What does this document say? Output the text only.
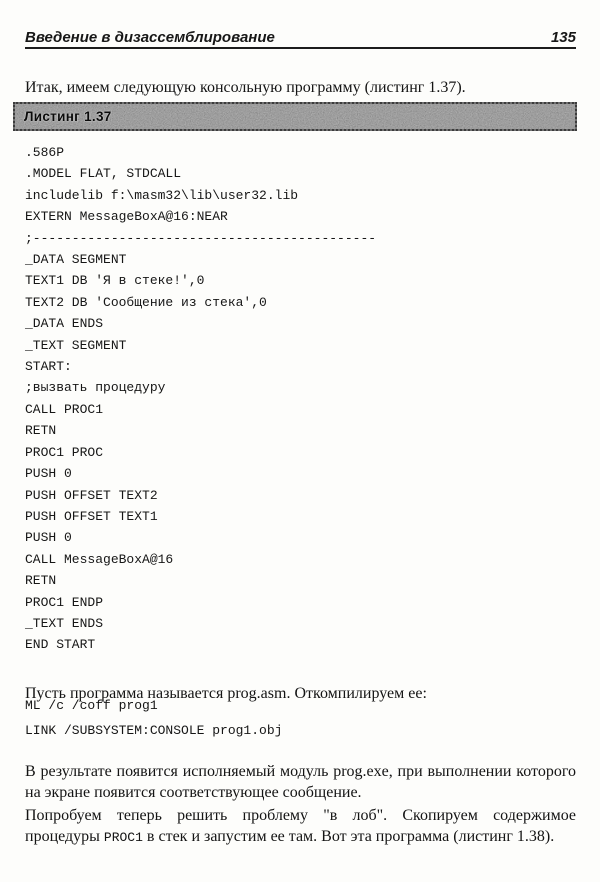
Введение в дизассемблирование	135

Итак, имеем следующую консольную программу (листинг 1.37).

Листинг 1.37
.586P
.MODEL FLAT, STDCALL
includelib f:\masm32\lib\user32.lib
EXTERN MessageBoxA@16:NEAR
;--------------------------------------------
_DATA SEGMENT
TEXT1 DB 'Я в стеке!',0
TEXT2 DB 'Сообщение из стека',0
_DATA ENDS
_TEXT SEGMENT
START:
;вызвать процедуру
CALL PROC1
RETN
PROC1 PROC
PUSH 0
PUSH OFFSET TEXT2
PUSH OFFSET TEXT1
PUSH 0
CALL MessageBoxA@16
RETN
PROC1 ENDP
_TEXT ENDS
END START

Пусть программа называется prog.asm. Откомпилируем ее:

ML /c /coff prog1
LINK /SUBSYSTEM:CONSOLE prog1.obj

В результате появится исполняемый модуль prog.exe, при выполнении которого на экране появится соответствующее сообщение.

Попробуем теперь решить проблему "в лоб". Скопируем содержимое процедуры PROC1 в стек и запустим ее там. Вот эта программа (листинг 1.38).
